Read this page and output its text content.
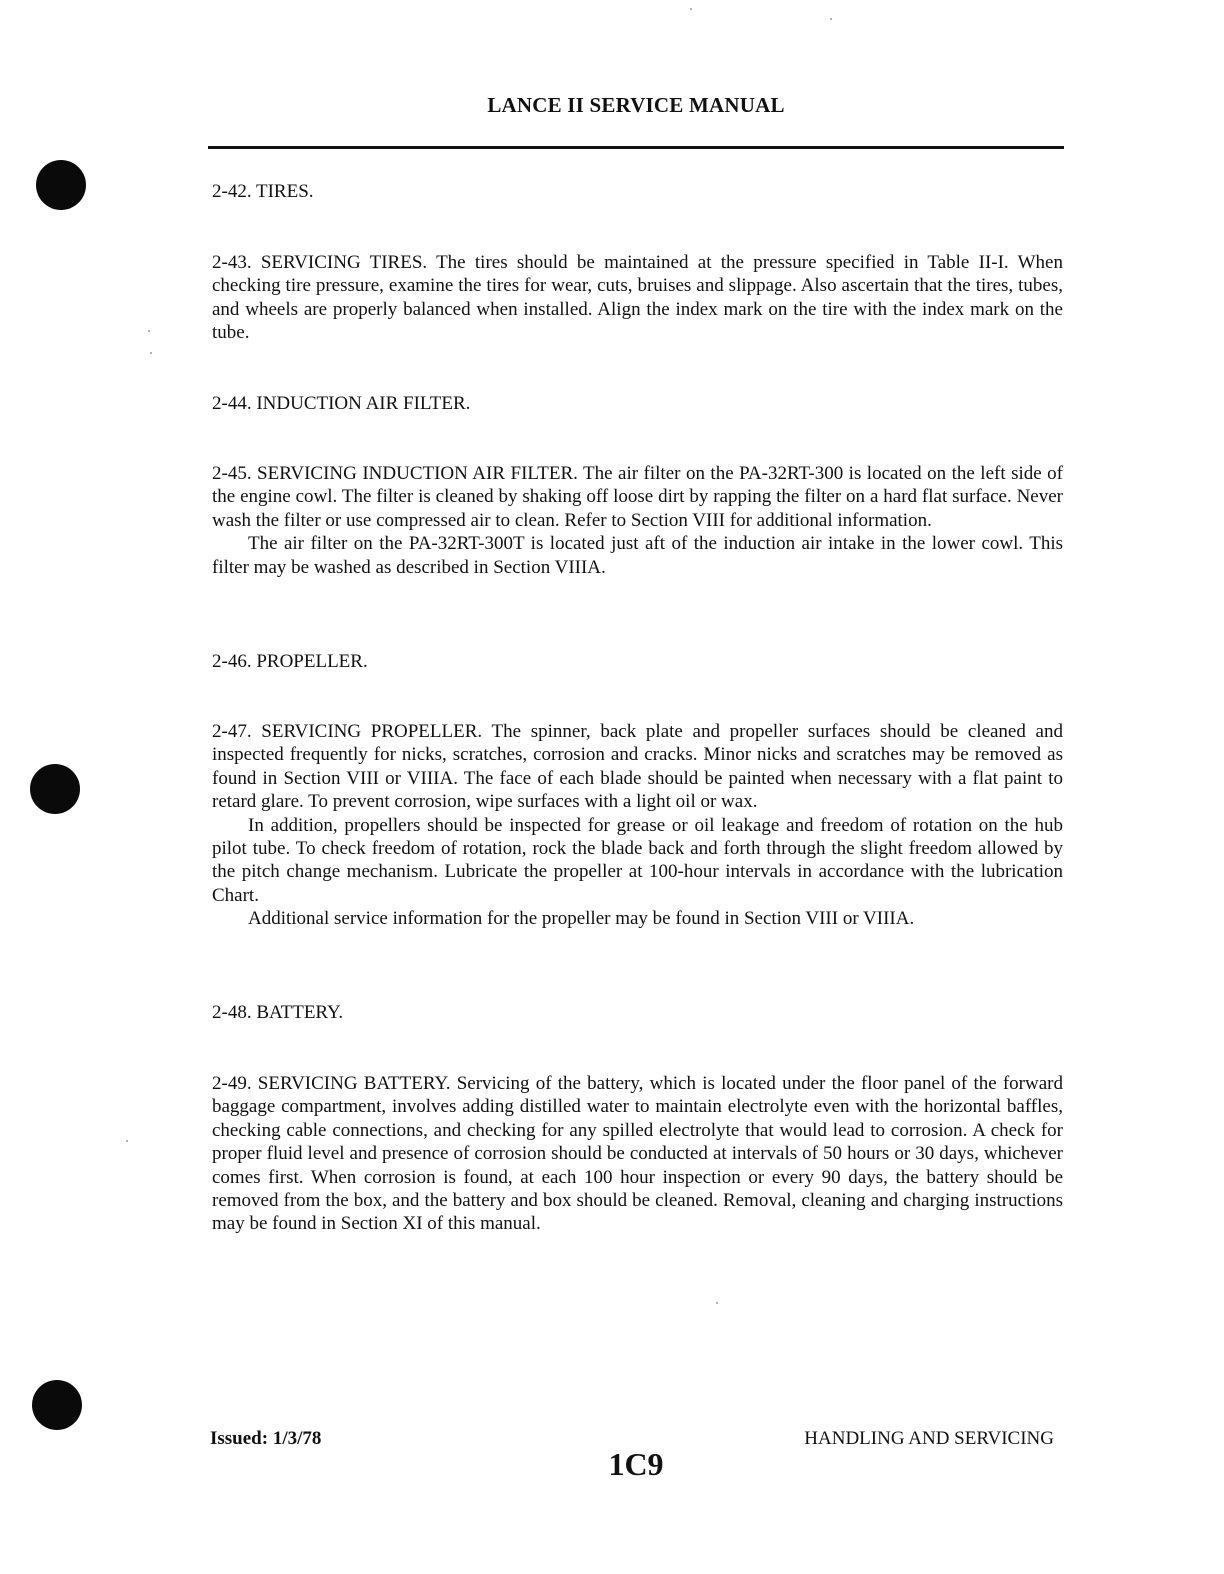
LANCE II SERVICE MANUAL
2-42. TIRES.

2-43. SERVICING TIRES. The tires should be maintained at the pressure specified in Table II-I. When checking tire pressure, examine the tires for wear, cuts, bruises and slippage. Also ascertain that the tires, tubes, and wheels are properly balanced when installed. Align the index mark on the tire with the index mark on the tube.

2-44. INDUCTION AIR FILTER.

2-45. SERVICING INDUCTION AIR FILTER. The air filter on the PA-32RT-300 is located on the left side of the engine cowl. The filter is cleaned by shaking off loose dirt by rapping the filter on a hard flat surface. Never wash the filter or use compressed air to clean. Refer to Section VIII for additional information.

The air filter on the PA-32RT-300T is located just aft of the induction air intake in the lower cowl. This filter may be washed as described in Section VIIIA.

2-46. PROPELLER.

2-47. SERVICING PROPELLER. The spinner, back plate and propeller surfaces should be cleaned and inspected frequently for nicks, scratches, corrosion and cracks. Minor nicks and scratches may be removed as found in Section VIII or VIIIA. The face of each blade should be painted when necessary with a flat paint to retard glare. To prevent corrosion, wipe surfaces with a light oil or wax.

In addition, propellers should be inspected for grease or oil leakage and freedom of rotation on the hub pilot tube. To check freedom of rotation, rock the blade back and forth through the slight freedom allowed by the pitch change mechanism. Lubricate the propeller at 100-hour intervals in accordance with the lubrication Chart.

Additional service information for the propeller may be found in Section VIII or VIIIA.

2-48. BATTERY.

2-49. SERVICING BATTERY. Servicing of the battery, which is located under the floor panel of the forward baggage compartment, involves adding distilled water to maintain electrolyte even with the horizontal baffles, checking cable connections, and checking for any spilled electrolyte that would lead to corrosion. A check for proper fluid level and presence of corrosion should be conducted at intervals of 50 hours or 30 days, whichever comes first. When corrosion is found, at each 100 hour inspection or every 90 days, the battery should be removed from the box, and the battery and box should be cleaned. Removal, cleaning and charging instructions may be found in Section XI of this manual.

Issued: 1/3/78	HANDLING AND SERVICING
1C9
